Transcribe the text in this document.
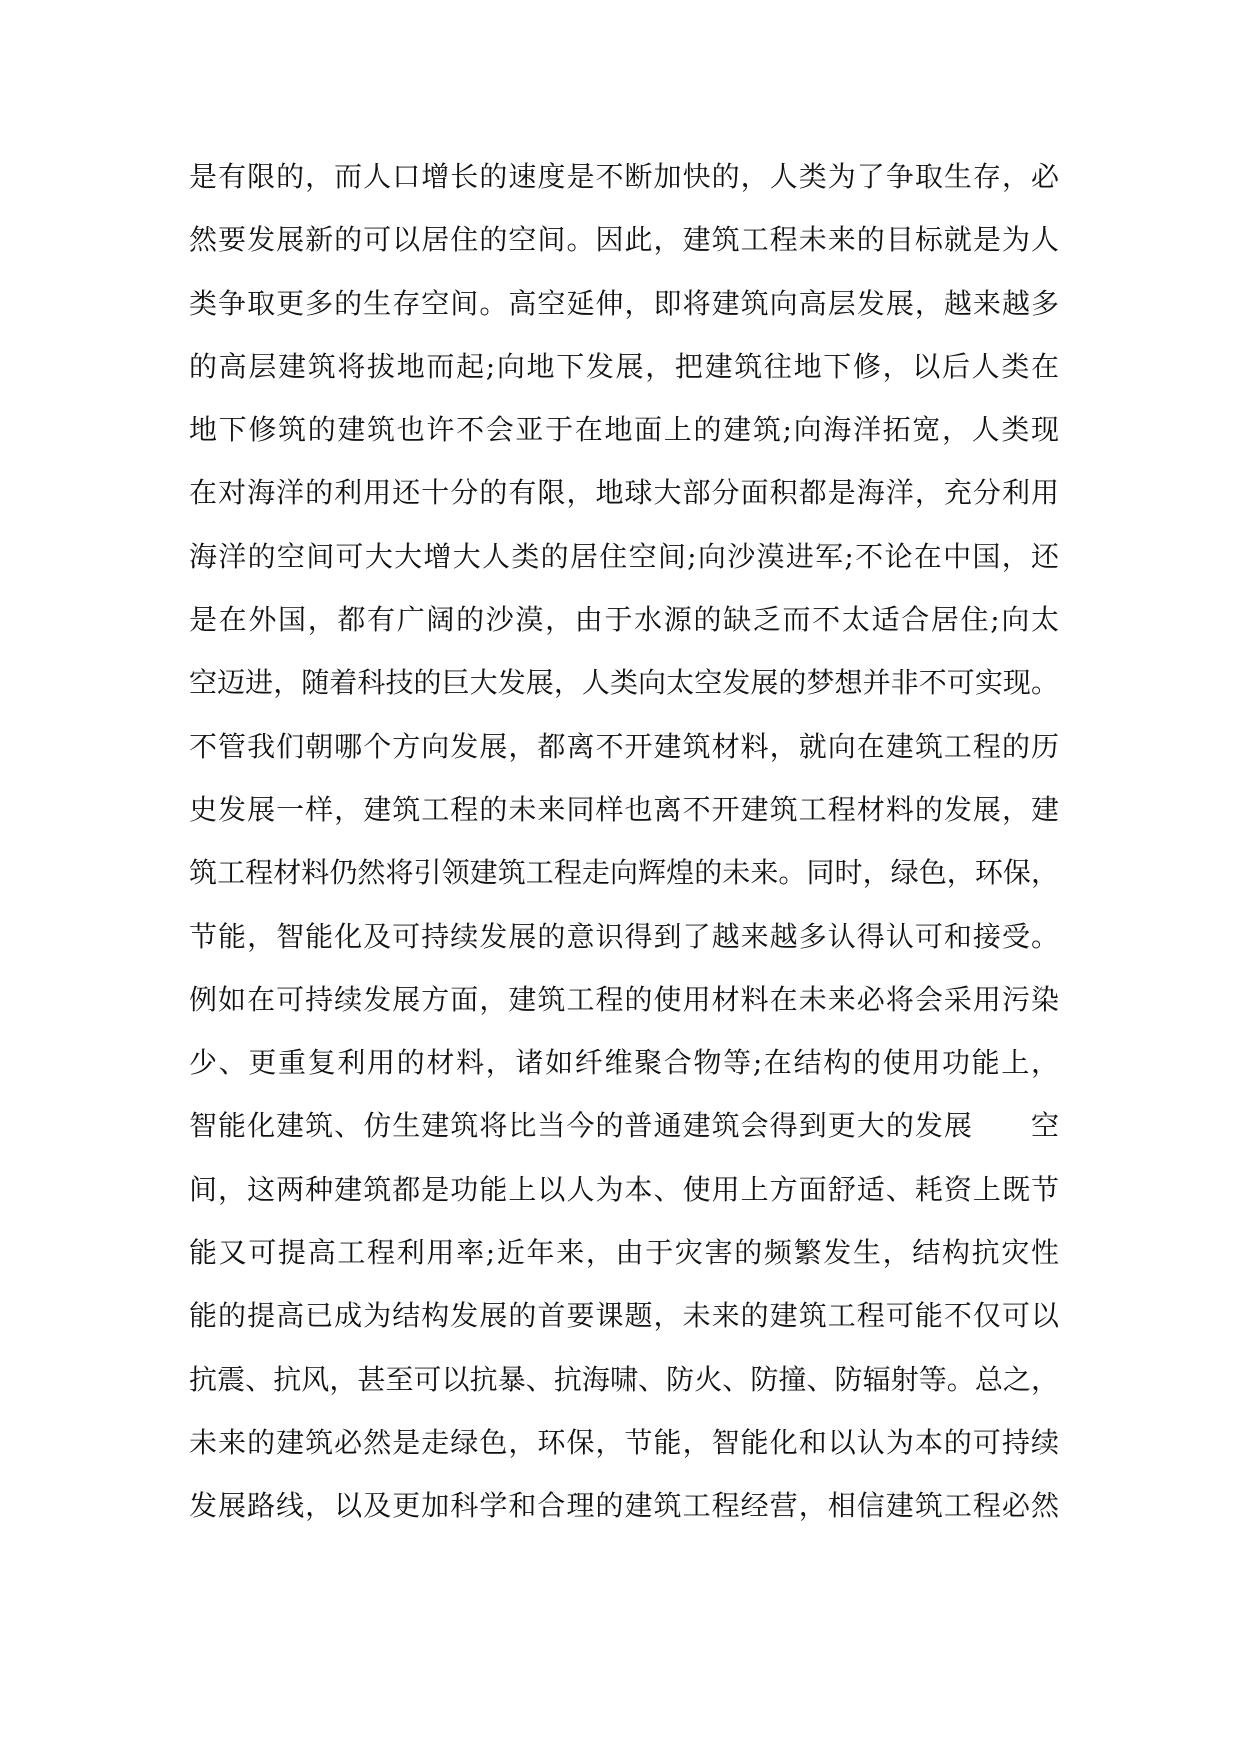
是有限的，而人口增长的速度是不断加快的，人类为了争取生存，必
然要发展新的可以居住的空间。因此，建筑工程未来的目标就是为人
类争取更多的生存空间。高空延伸，即将建筑向高层发展，越来越多
的高层建筑将拔地而起;向地下发展，把建筑往地下修，以后人类在
地下修筑的建筑也许不会亚于在地面上的建筑;向海洋拓宽，人类现
在对海洋的利用还十分的有限，地球大部分面积都是海洋，充分利用
海洋的空间可大大增大人类的居住空间;向沙漠进军;不论在中国，还
是在外国，都有广阔的沙漠，由于水源的缺乏而不太适合居住;向太
空迈进，随着科技的巨大发展，人类向太空发展的梦想并非不可实现。
不管我们朝哪个方向发展，都离不开建筑材料，就向在建筑工程的历
史发展一样，建筑工程的未来同样也离不开建筑工程材料的发展，建
筑工程材料仍然将引领建筑工程走向辉煌的未来。同时，绿色，环保，
节能，智能化及可持续发展的意识得到了越来越多认得认可和接受。
例如在可持续发展方面，建筑工程的使用材料在未来必将会采用污染
少、更重复利用的材料，诸如纤维聚合物等;在结构的使用功能上，
智能化建筑、仿生建筑将比当今的普通建筑会得到更大的发展　　空
间，这两种建筑都是功能上以人为本、使用上方面舒适、耗资上既节
能又可提高工程利用率;近年来，由于灾害的频繁发生，结构抗灾性
能的提高已成为结构发展的首要课题，未来的建筑工程可能不仅可以
抗震、抗风，甚至可以抗暴、抗海啸、防火、防撞、防辐射等。总之，
未来的建筑必然是走绿色，环保，节能，智能化和以认为本的可持续
发展路线，以及更加科学和合理的建筑工程经营，相信建筑工程必然
